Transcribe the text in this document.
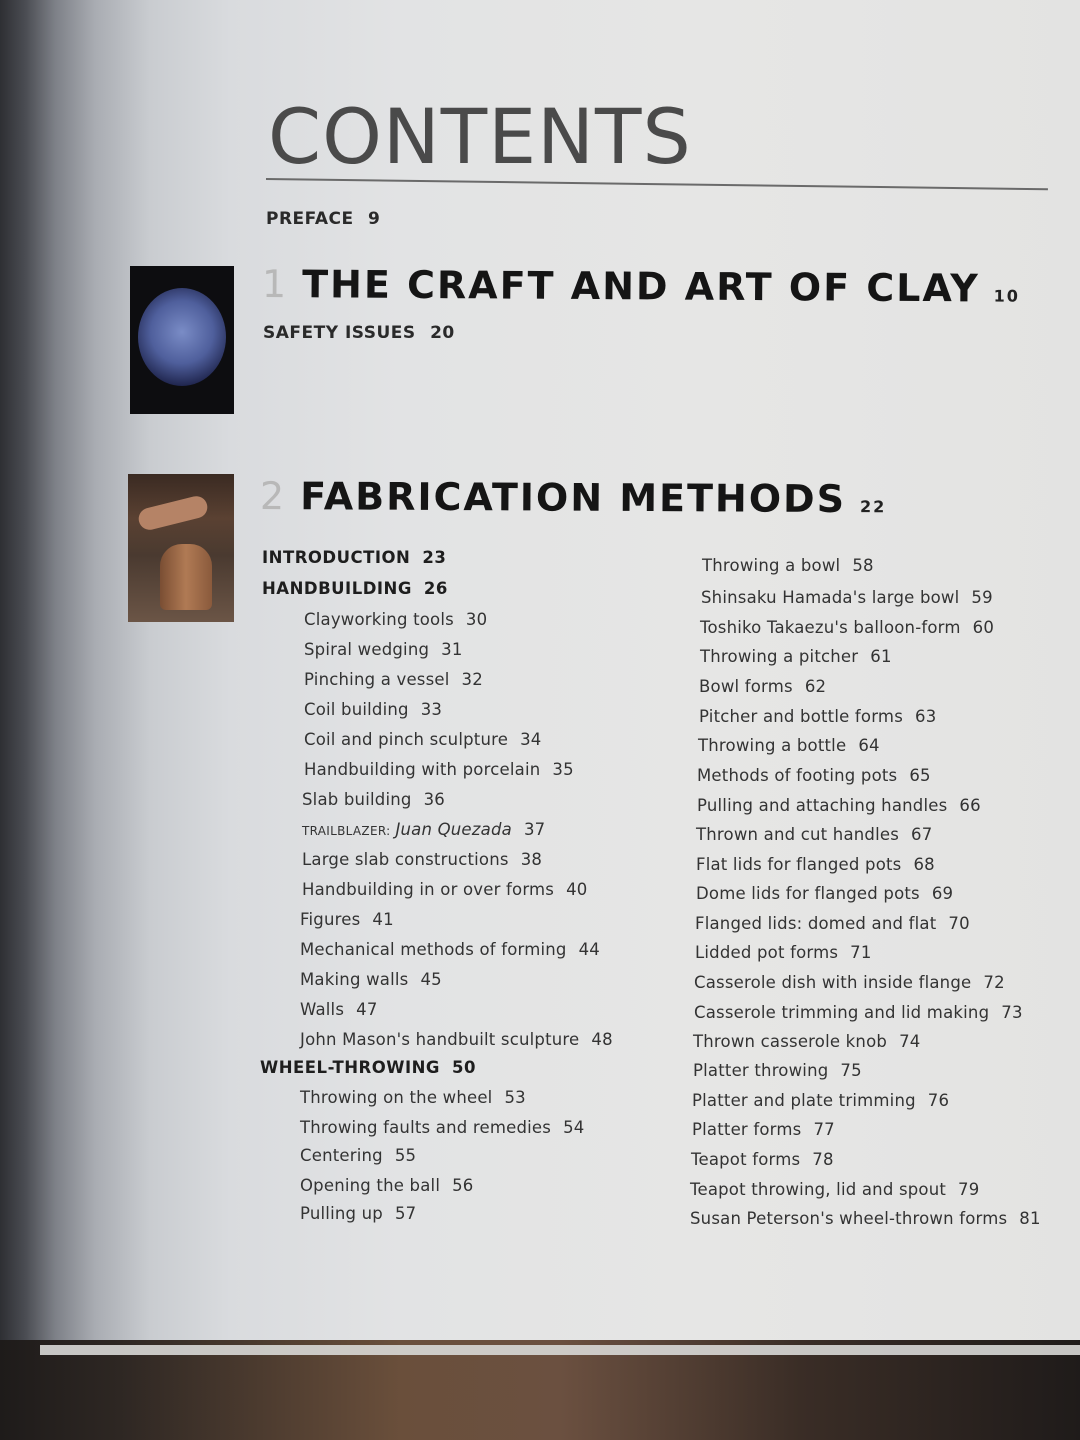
CONTENTS
PREFACE 9
1 THE CRAFT AND ART OF CLAY 10
SAFETY ISSUES 20
2 FABRICATION METHODS 22
INTRODUCTION 23
HANDBUILDING 26
Clayworking tools 30
Spiral wedging 31
Pinching a vessel 32
Coil building 33
Coil and pinch sculpture 34
Handbuilding with porcelain 35
Slab building 36
TRAILBLAZER: Juan Quezada 37
Large slab constructions 38
Handbuilding in or over forms 40
Figures 41
Mechanical methods of forming 44
Making walls 45
Walls 47
John Mason's handbuilt sculpture 48
WHEEL-THROWING 50
Throwing on the wheel 53
Throwing faults and remedies 54
Centering 55
Opening the ball 56
Pulling up 57
Throwing a bowl 58
Shinsaku Hamada's large bowl 59
Toshiko Takaezu's balloon-form 60
Throwing a pitcher 61
Bowl forms 62
Pitcher and bottle forms 63
Throwing a bottle 64
Methods of footing pots 65
Pulling and attaching handles 66
Thrown and cut handles 67
Flat lids for flanged pots 68
Dome lids for flanged pots 69
Flanged lids: domed and flat 70
Lidded pot forms 71
Casserole dish with inside flange 72
Casserole trimming and lid making 73
Thrown casserole knob 74
Platter throwing 75
Platter and plate trimming 76
Platter forms 77
Teapot forms 78
Teapot throwing, lid and spout 79
Susan Peterson's wheel-thrown forms 81
